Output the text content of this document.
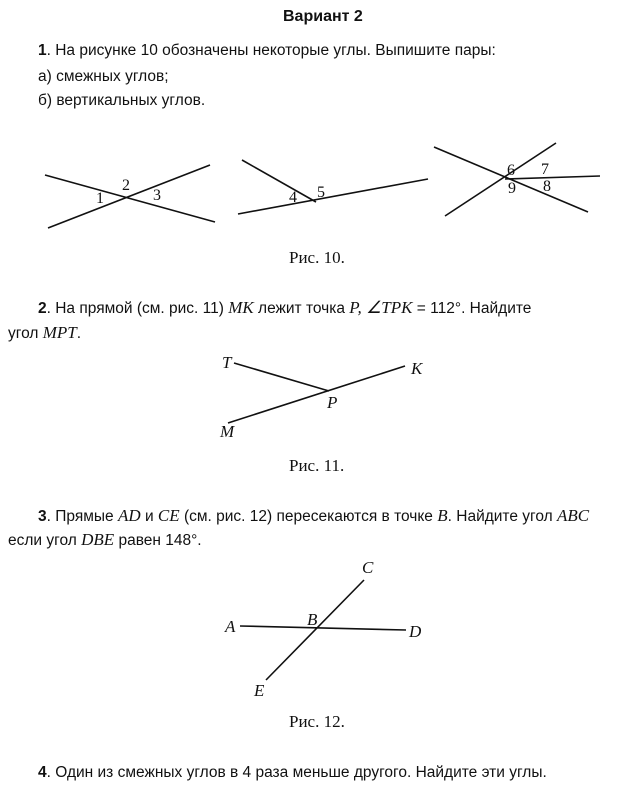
Вариант 2
1. На рисунке 10 обозначены некоторые углы. Выпишите пары:
а) смежных углов;
б) вертикальных углов.
1
2
3	4 5
6 7
8
9
Рис. 10.
2. На прямой (см. рис. 11) MK лежит точка P, ∠TPK = 112°. Найдите
угол MPT.
T	K
P
M
Рис. 11.
3. Прямые AD и CE (см. рис. 12) пересекаются в точке B. Найдите угол ABC
если угол DBE равен 148°.
A	B
C
D
E
Рис. 12.
4. Один из смежных углов в 4 раза меньше другого. Найдите эти углы.
